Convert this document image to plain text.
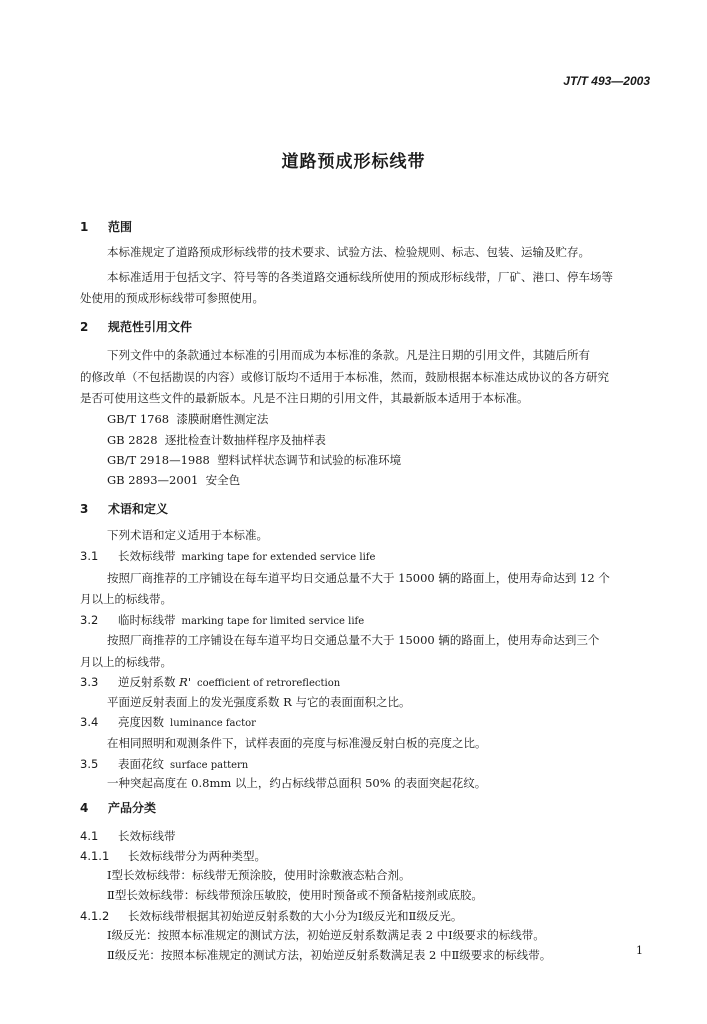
JT/T 493—2003
道路预成形标线带
1 范围
本标准规定了道路预成形标线带的技术要求、试验方法、检验规则、标志、包装、运输及贮存。
本标准适用于包括文字、符号等的各类道路交通标线所使用的预成形标线带，厂矿、港口、停车场等
处使用的预成形标线带可参照使用。
2 规范性引用文件
下列文件中的条款通过本标准的引用而成为本标准的条款。凡是注日期的引用文件，其随后所有
的修改单（不包括勘误的内容）或修订版均不适用于本标准，然而，鼓励根据本标准达成协议的各方研究
是否可使用这些文件的最新版本。凡是不注日期的引用文件，其最新版本适用于本标准。
GB/T 1768 漆膜耐磨性测定法
GB 2828 逐批检查计数抽样程序及抽样表
GB/T 2918—1988 塑料试样状态调节和试验的标准环境
GB 2893—2001 安全色
3 术语和定义
下列术语和定义适用于本标准。
3.1 长效标线带 marking tape for extended service life
按照厂商推荐的工序铺设在每车道平均日交通总量不大于 15000 辆的路面上，使用寿命达到 12 个
月以上的标线带。
3.2 临时标线带 marking tape for limited service life
按照厂商推荐的工序铺设在每车道平均日交通总量不大于 15000 辆的路面上，使用寿命达到三个
月以上的标线带。
3.3 逆反射系数 R' coefficient of retroreflection
平面逆反射表面上的发光强度系数 R 与它的表面面积之比。
3.4 亮度因数 luminance factor
在相同照明和观测条件下，试样表面的亮度与标准漫反射白板的亮度之比。
3.5 表面花纹 surface pattern
一种突起高度在 0.8mm 以上，约占标线带总面积 50% 的表面突起花纹。
4 产品分类
4.1 长效标线带
4.1.1 长效标线带分为两种类型。
Ⅰ型长效标线带：标线带无预涂胶，使用时涂敷液态粘合剂。
Ⅱ型长效标线带：标线带预涂压敏胶，使用时预备或不预备粘接剂或底胶。
4.1.2 长效标线带根据其初始逆反射系数的大小分为Ⅰ级反光和Ⅱ级反光。
Ⅰ级反光：按照本标准规定的测试方法，初始逆反射系数满足表 2 中Ⅰ级要求的标线带。
Ⅱ级反光：按照本标准规定的测试方法，初始逆反射系数满足表 2 中Ⅱ级要求的标线带。	1
